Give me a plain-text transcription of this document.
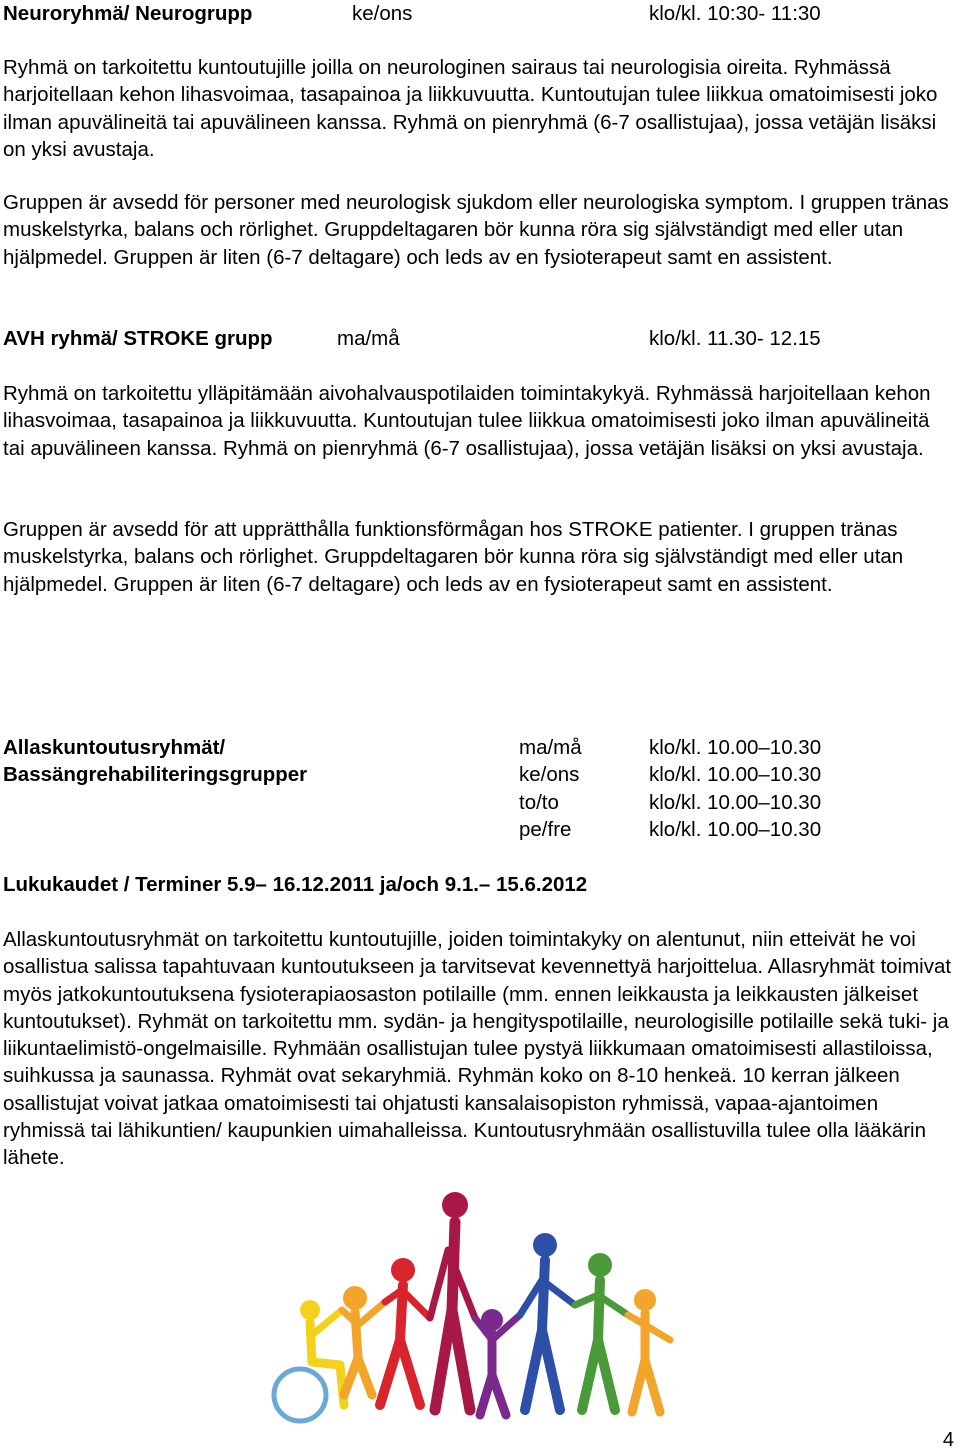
Neuroryhmä/ Neurogrupp	ke/ons	klo/kl. 10:30- 11:30

Ryhmä on tarkoitettu kuntoutujille joilla on neurologinen sairaus tai neurologisia oireita. Ryhmässä harjoitellaan kehon lihasvoimaa, tasapainoa ja liikkuvuutta. Kuntoutujan tulee liikkua omatoimisesti joko ilman apuvälineitä tai apuvälineen kanssa. Ryhmä on pienryhmä (6-7 osallistujaa), jossa vetäjän lisäksi on yksi avustaja.

Gruppen är avsedd för personer med neurologisk sjukdom eller neurologiska symptom. I gruppen tränas muskelstyrka, balans och rörlighet. Gruppdeltagaren bör kunna röra sig självständigt med eller utan hjälpmedel. Gruppen är liten (6-7 deltagare) och leds av en fysioterapeut samt en assistent.

AVH ryhmä/ STROKE grupp	ma/må	klo/kl. 11.30- 12.15

Ryhmä on tarkoitettu ylläpitämään aivohalvauspotilaiden toimintakykyä. Ryhmässä harjoitellaan kehon lihasvoimaa, tasapainoa ja liikkuvuutta. Kuntoutujan tulee liikkua omatoimisesti joko ilman apuvälineitä tai apuvälineen kanssa. Ryhmä on pienryhmä (6-7 osallistujaa), jossa vetäjän lisäksi on yksi avustaja.

Gruppen är avsedd för att upprätthålla funktionsförmågan hos STROKE patienter. I gruppen tränas muskelstyrka, balans och rörlighet. Gruppdeltagaren bör kunna röra sig självständigt med eller utan hjälpmedel. Gruppen är liten (6-7 deltagare) och leds av en fysioterapeut samt en assistent.

Allaskuntoutusryhmät/	ma/må	klo/kl. 10.00–10.30
Bassängrehabiliteringsgrupper	ke/ons	klo/kl. 10.00–10.30
to/to	klo/kl. 10.00–10.30
pe/fre	klo/kl. 10.00–10.30

Lukukaudet / Terminer 5.9– 16.12.2011 ja/och 9.1.– 15.6.2012

Allaskuntoutusryhmät on tarkoitettu kuntoutujille, joiden toimintakyky on alentunut, niin etteivät he voi osallistua salissa tapahtuvaan kuntoutukseen ja tarvitsevat kevennettyä harjoittelua. Allasryhmät toimivat myös jatkokuntoutuksena fysioterapiaosaston potilaille (mm. ennen leikkausta ja leikkausten jälkeiset kuntoutukset). Ryhmät on tarkoitettu mm. sydän- ja hengityspotilaille, neurologisille potilaille sekä tuki- ja liikuntaelimistö-ongelmaisille. Ryhmään osallistujan tulee pystyä liikkumaan omatoimisesti allastiloissa, suihkussa ja saunassa. Ryhmät ovat sekaryhmiä. Ryhmän koko on 8-10 henkeä. 10 kerran jälkeen osallistujat voivat jatkaa omatoimisesti tai ohjatusti kansalaisopiston ryhmissä, vapaa-ajantoimen ryhmissä tai lähikuntien/ kaupunkien uimahalleissa. Kuntoutusryhmään osallistuvilla tulee olla lääkärin lähete.

4
